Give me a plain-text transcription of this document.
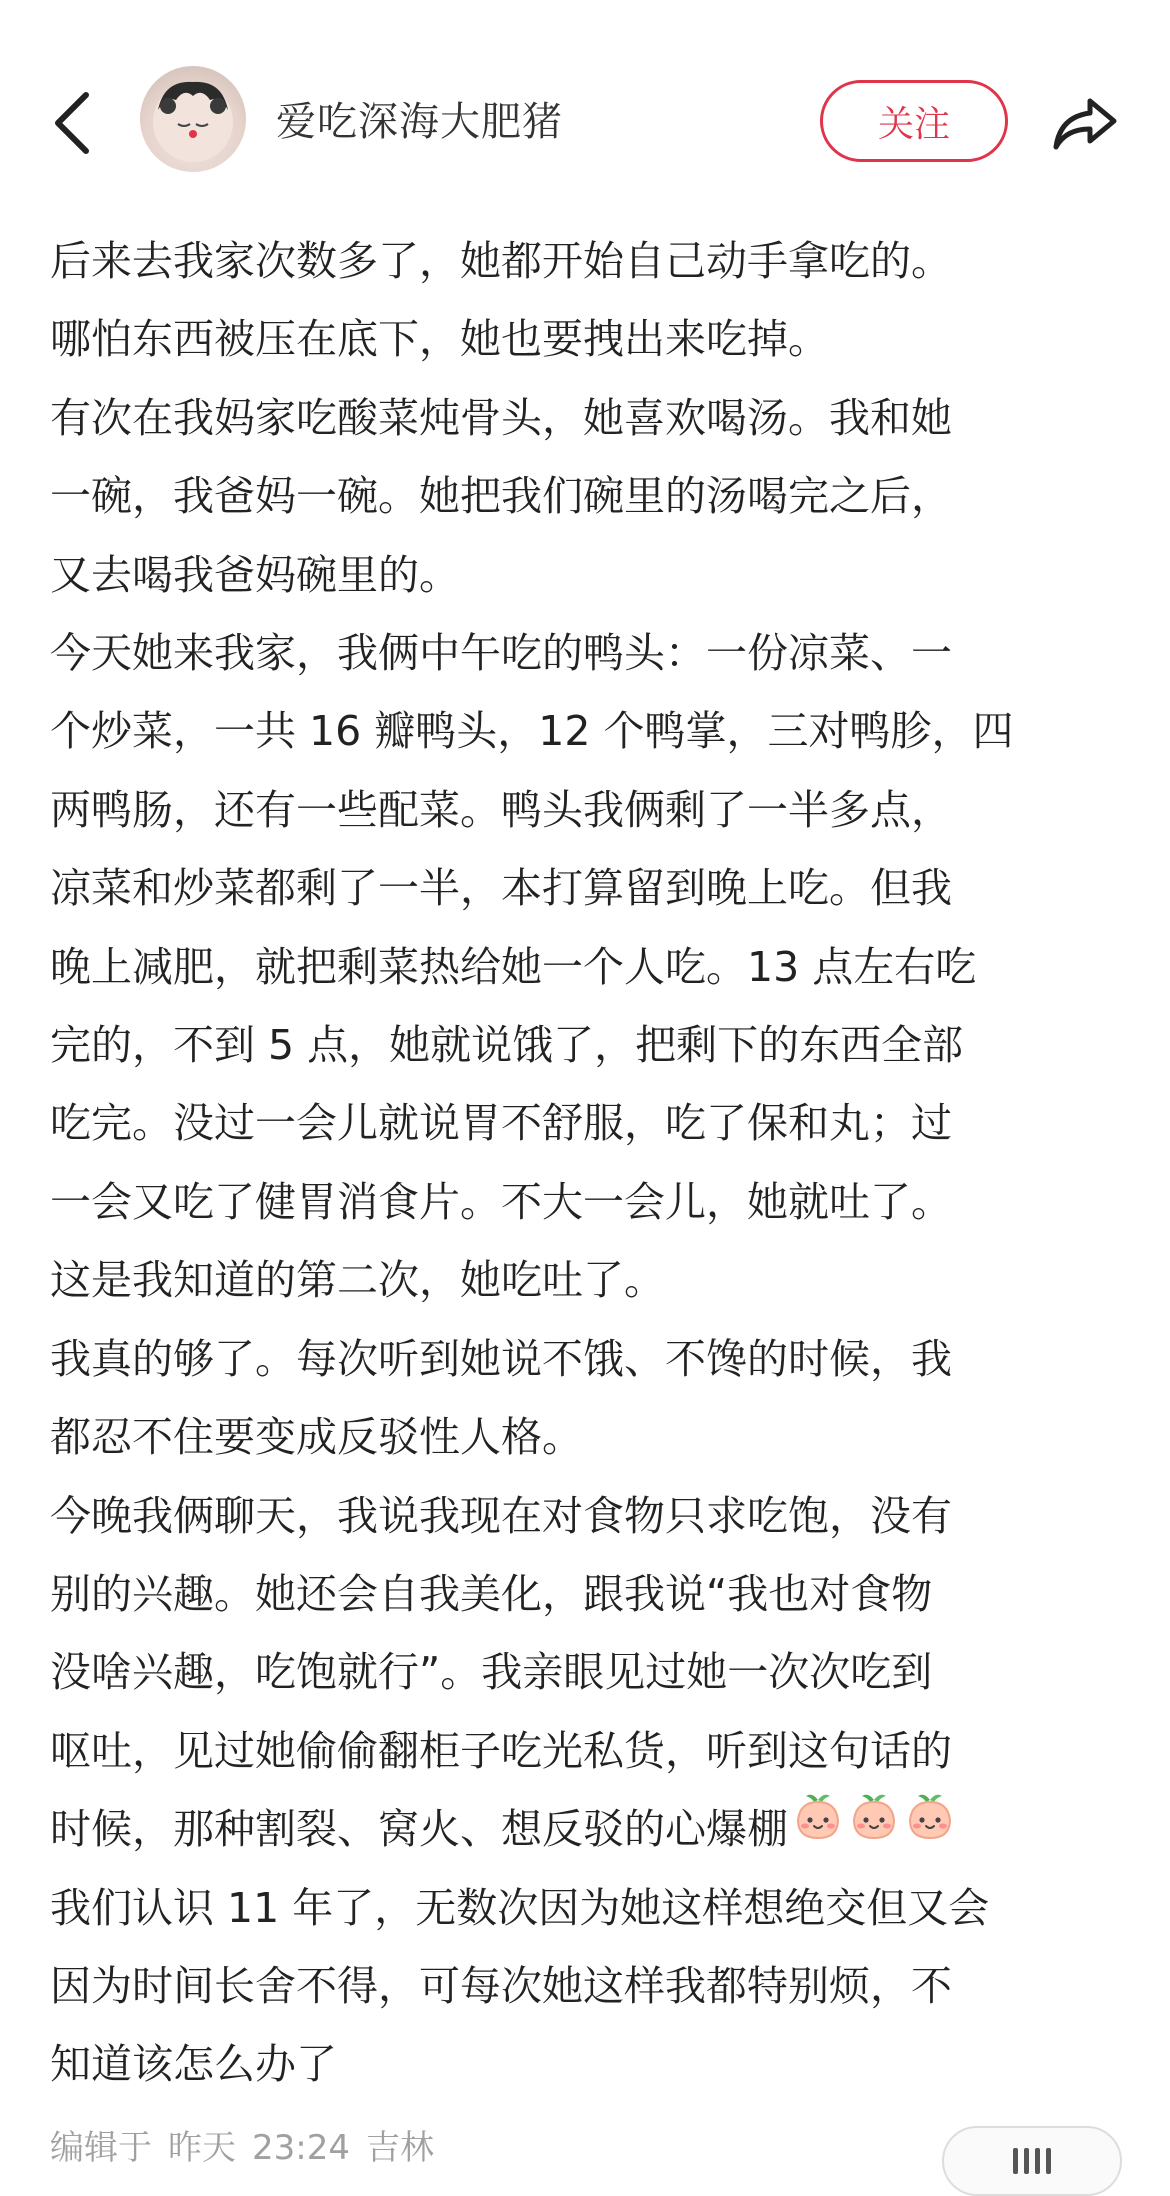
爱吃深海大肥猪	关注

后来去我家次数多了，她都开始自己动手拿吃的。

哪怕东西被压在底下，她也要拽出来吃掉。

有次在我妈家吃酸菜炖骨头，她喜欢喝汤。我和她

一碗，我爸妈一碗。她把我们碗里的汤喝完之后，

又去喝我爸妈碗里的。

今天她来我家，我俩中午吃的鸭头：一份凉菜、一

个炒菜，一共 16 瓣鸭头，12 个鸭掌，三对鸭胗，四

两鸭肠，还有一些配菜。鸭头我俩剩了一半多点，

凉菜和炒菜都剩了一半，本打算留到晚上吃。但我

晚上减肥，就把剩菜热给她一个人吃。13 点左右吃

完的，不到 5 点，她就说饿了，把剩下的东西全部

吃完。没过一会儿就说胃不舒服，吃了保和丸；过

一会又吃了健胃消食片。不大一会儿，她就吐了。

这是我知道的第二次，她吃吐了。

我真的够了。每次听到她说不饿、不馋的时候，我

都忍不住要变成反驳性人格。

今晚我俩聊天，我说我现在对食物只求吃饱，没有

别的兴趣。她还会自我美化，跟我说“我也对食物

没啥兴趣，吃饱就行”。我亲眼见过她一次次吃到

呕吐，见过她偷偷翻柜子吃光私货，听到这句话的

时候，那种割裂、窝火、想反驳的心爆棚

我们认识 11 年了，无数次因为她这样想绝交但又会

因为时间长舍不得，可每次她这样我都特别烦，不

知道该怎么办了

编辑于 昨天 23:24 吉林
